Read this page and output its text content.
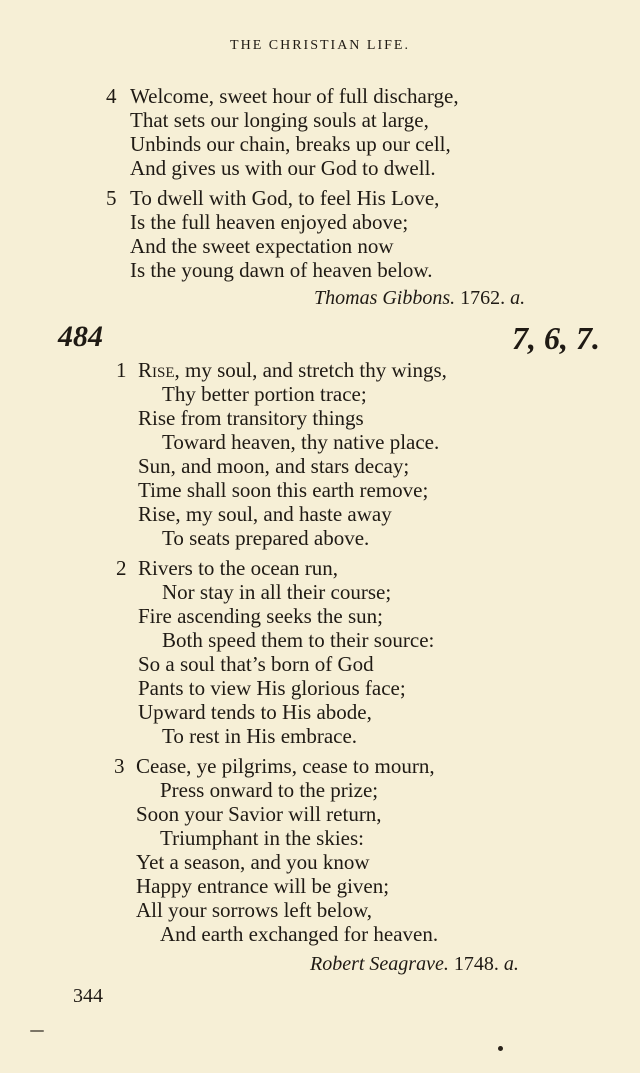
THE CHRISTIAN LIFE.
4 Welcome, sweet hour of full discharge,
That sets our longing souls at large,
Unbinds our chain, breaks up our cell,
And gives us with our God to dwell.
5 To dwell with God, to feel His Love,
Is the full heaven enjoyed above;
And the sweet expectation now
Is the young dawn of heaven below.
Thomas Gibbons. 1762. a.
484	7, 6, 7.
1 Rise, my soul, and stretch thy wings,
Thy better portion trace;
Rise from transitory things
Toward heaven, thy native place.
Sun, and moon, and stars decay;
Time shall soon this earth remove;
Rise, my soul, and haste away
To seats prepared above.
2 Rivers to the ocean run,
Nor stay in all their course;
Fire ascending seeks the sun;
Both speed them to their source:
So a soul that’s born of God
Pants to view His glorious face;
Upward tends to His abode,
To rest in His embrace.
3 Cease, ye pilgrims, cease to mourn,
Press onward to the prize;
Soon your Savior will return,
Triumphant in the skies:
Yet a season, and you know
Happy entrance will be given;
All your sorrows left below,
And earth exchanged for heaven.
Robert Seagrave. 1748. a.
344
